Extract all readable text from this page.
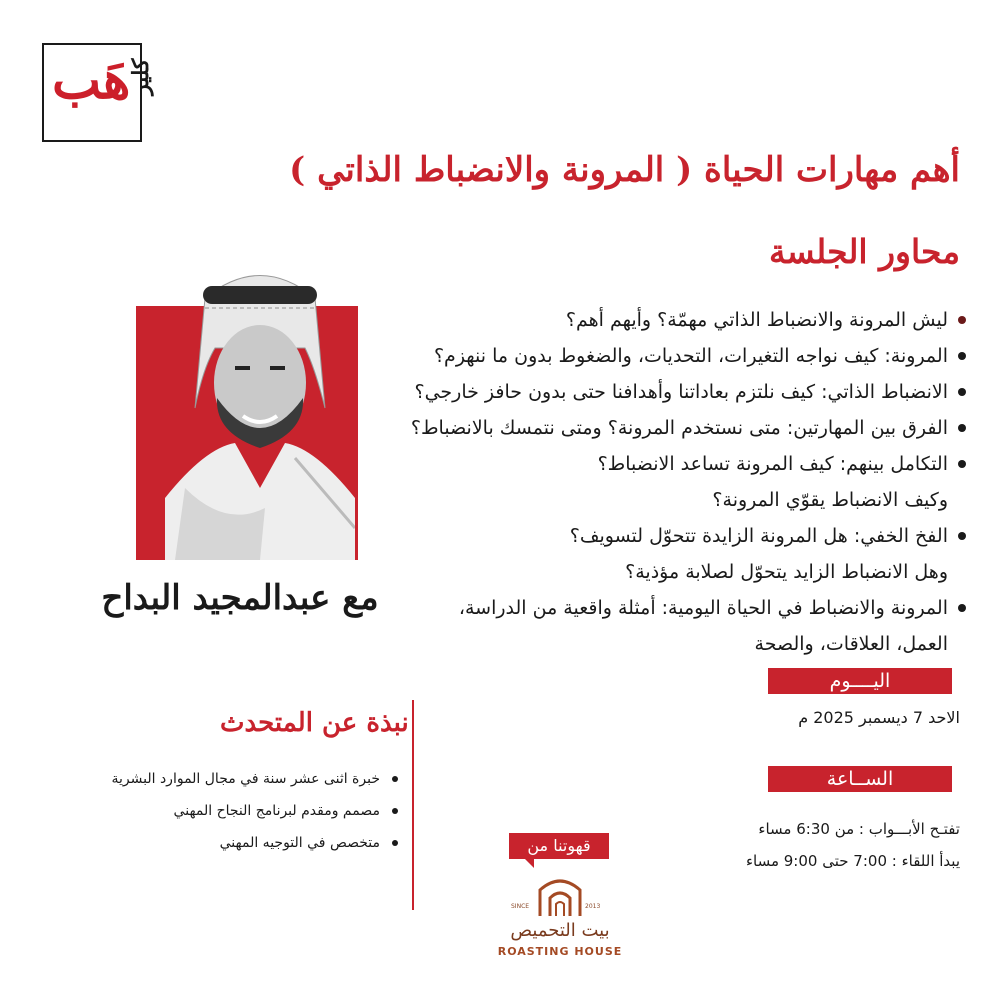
هَب
كلير
أهم مهارات الحياة ( المرونة والانضباط الذاتي )
محاور الجلسة
ليش المرونة والانضباط الذاتي مهمّة؟ وأيهم أهم؟
المرونة: كيف نواجه التغيرات، التحديات، والضغوط بدون ما ننهزم؟
الانضباط الذاتي: كيف نلتزم بعاداتنا وأهدافنا حتى بدون حافز خارجي؟
الفرق بين المهارتين: متى نستخدم المرونة؟ ومتى نتمسك بالانضباط؟
التكامل بينهم: كيف المرونة تساعد الانضباط؟
وكيف الانضباط يقوّي المرونة؟
الفخ الخفي: هل المرونة الزايدة تتحوّل لتسويف؟
وهل الانضباط الزايد يتحوّل لصلابة مؤذية؟
المرونة والانضباط في الحياة اليومية: أمثلة واقعية من الدراسة،
العمل، العلاقات، والصحة
مع عبدالمجيد البداح
نبذة عن المتحدث
خبرة اثنى عشر سنة في مجال الموارد البشرية
مصمم ومقدم لبرنامج النجاح المهني
متخصص في التوجيه المهني
اليــــوم
الاحد 7 ديسمبر 2025 م
الســاعة
تفتـح الأبـــواب : من 6:30 مساء
يبدأ اللقاء : 7:00 حتى 9:00 مساء
قهوتنا من
SINCE	2013
بيت التحميص
ROASTING HOUSE
